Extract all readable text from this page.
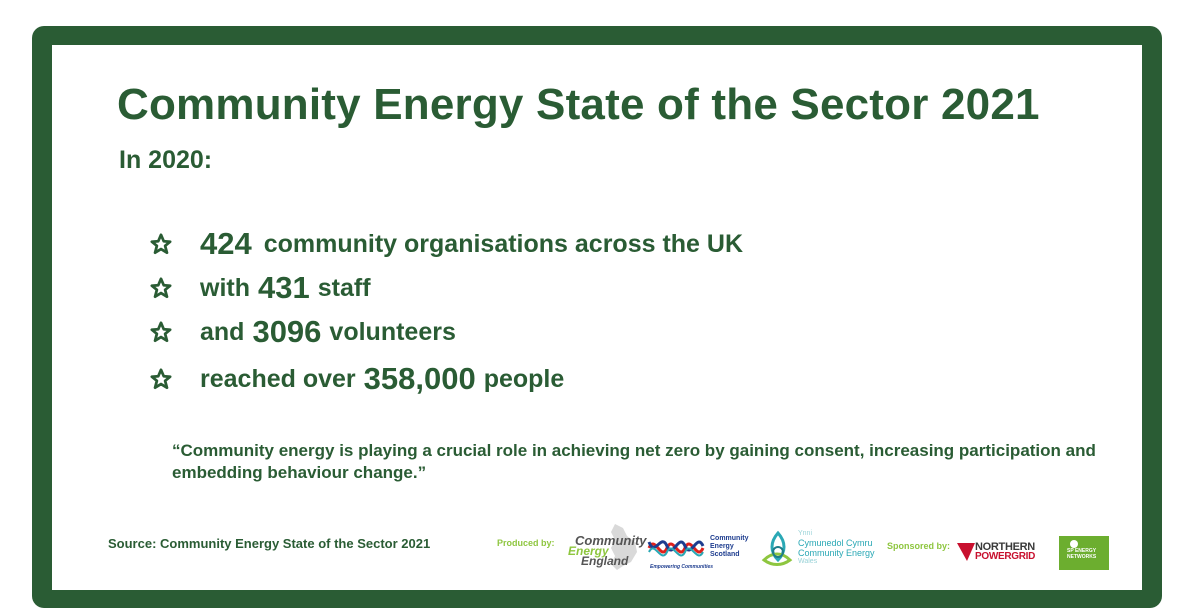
Community Energy State of the Sector 2021
In 2020:
424 community organisations across the UK
with 431 staff
and 3096 volunteers
reached over 358,000 people
“Community energy is playing a crucial role in achieving net zero by gaining consent, increasing participation and embedding behaviour change.”
Source: Community Energy State of the Sector 2021	Produced by:	Sponsored by:
Community
Energy
England
Community
Energy
Scotland
Empowering Communities
Ynni
Cymunedol Cymru
Community Energy
Wales
NORTHERN
POWERGRID	SP ENERGY
NETWORKS
